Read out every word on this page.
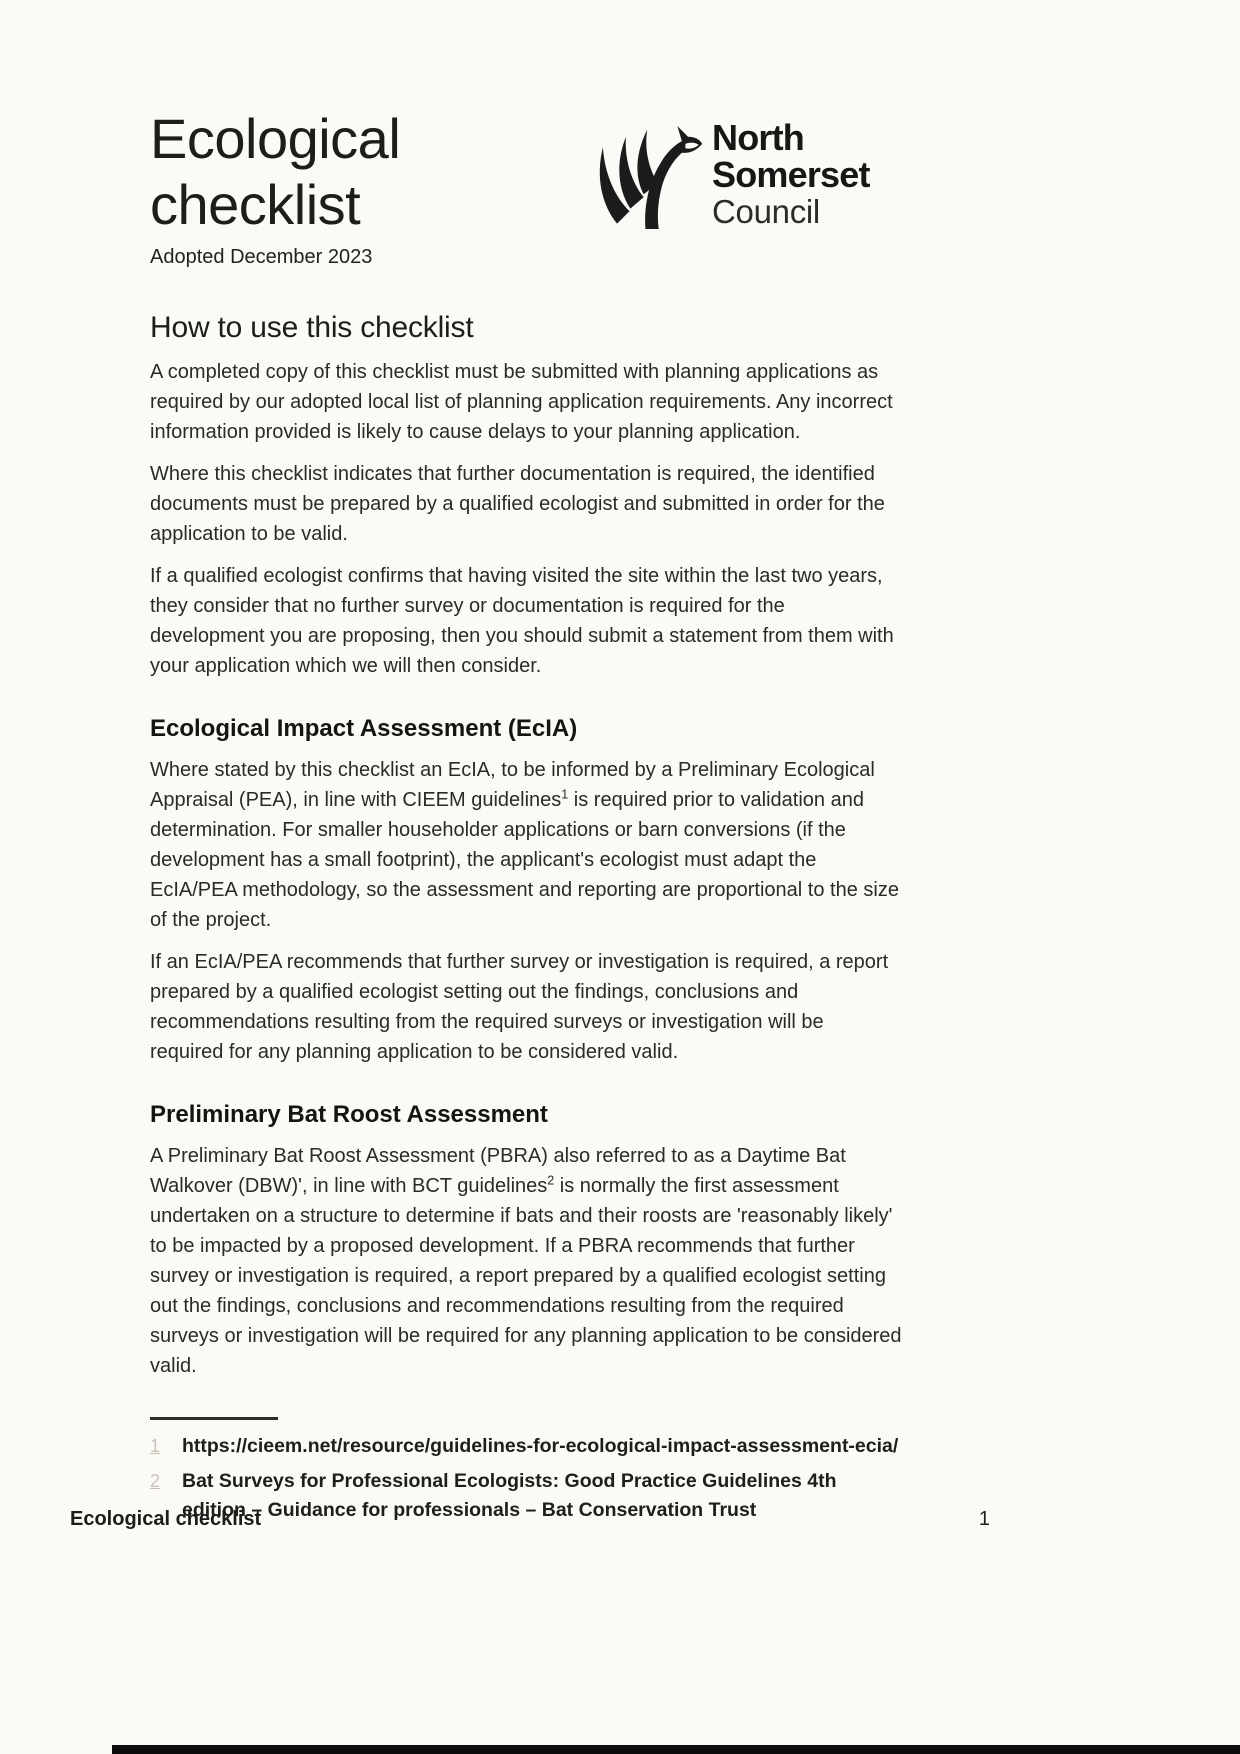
North
Somerset
Council
Ecological
checklist
Adopted December 2023
How to use this checklist

A completed copy of this checklist must be submitted with planning applications as required by our adopted local list of planning application requirements. Any incorrect information provided is likely to cause delays to your planning application.

Where this checklist indicates that further documentation is required, the identified documents must be prepared by a qualified ecologist and submitted in order for the application to be valid.

If a qualified ecologist confirms that having visited the site within the last two years, they consider that no further survey or documentation is required for the development you are proposing, then you should submit a statement from them with your application which we will then consider.

Ecological Impact Assessment (EcIA)

Where stated by this checklist an EcIA, to be informed by a Preliminary Ecological Appraisal (PEA), in line with CIEEM guidelines$^1$ is required prior to validation and determination. For smaller householder applications or barn conversions (if the development has a small footprint), the applicant's ecologist must adapt the EcIA/PEA methodology, so the assessment and reporting are proportional to the size of the project.

If an EcIA/PEA recommends that further survey or investigation is required, a report prepared by a qualified ecologist setting out the findings, conclusions and recommendations resulting from the required surveys or investigation will be required for any planning application to be considered valid.

Preliminary Bat Roost Assessment

A Preliminary Bat Roost Assessment (PBRA) also referred to as a Daytime Bat Walkover (DBW)', in line with BCT guidelines$^2$ is normally the first assessment undertaken on a structure to determine if bats and their roosts are 'reasonably likely' to be impacted by a proposed development. If a PBRA recommends that further survey or investigation is required, a report prepared by a qualified ecologist setting out the findings, conclusions and recommendations resulting from the required surveys or investigation will be required for any planning application to be considered valid.

1	https://cieem.net/resource/guidelines-for-ecological-impact-assessment-ecia/
2	Bat Surveys for Professional Ecologists: Good Practice Guidelines 4th edition – Guidance for professionals – Bat Conservation Trust
Ecological checklist	1
